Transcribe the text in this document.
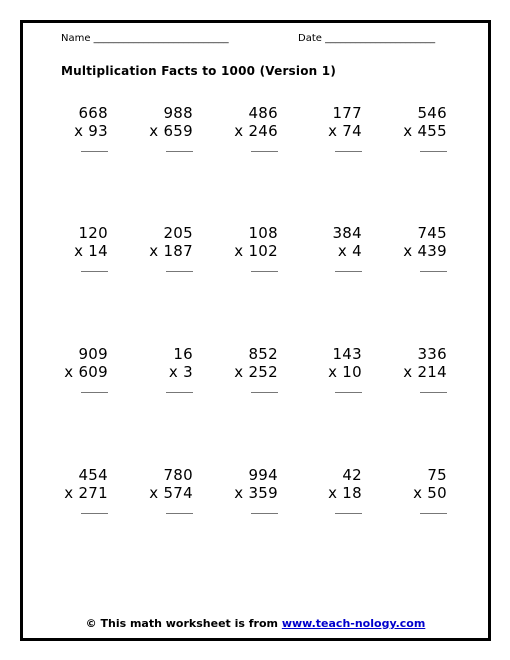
Name ___________________________	Date ______________________
Multiplication Facts to 1000 (Version 1)
668
x 93
988
x 659
486
x 246
177
x 74
546
x 455
120
x 14
205
x 187
108
x 102
384
x 4
745
x 439
909
x 609
16
x 3
852
x 252
143
x 10
336
x 214
454
x 271
780
x 574
994
x 359
42
x 18
75
x 50
© This math worksheet is from www.teach-nology.com
